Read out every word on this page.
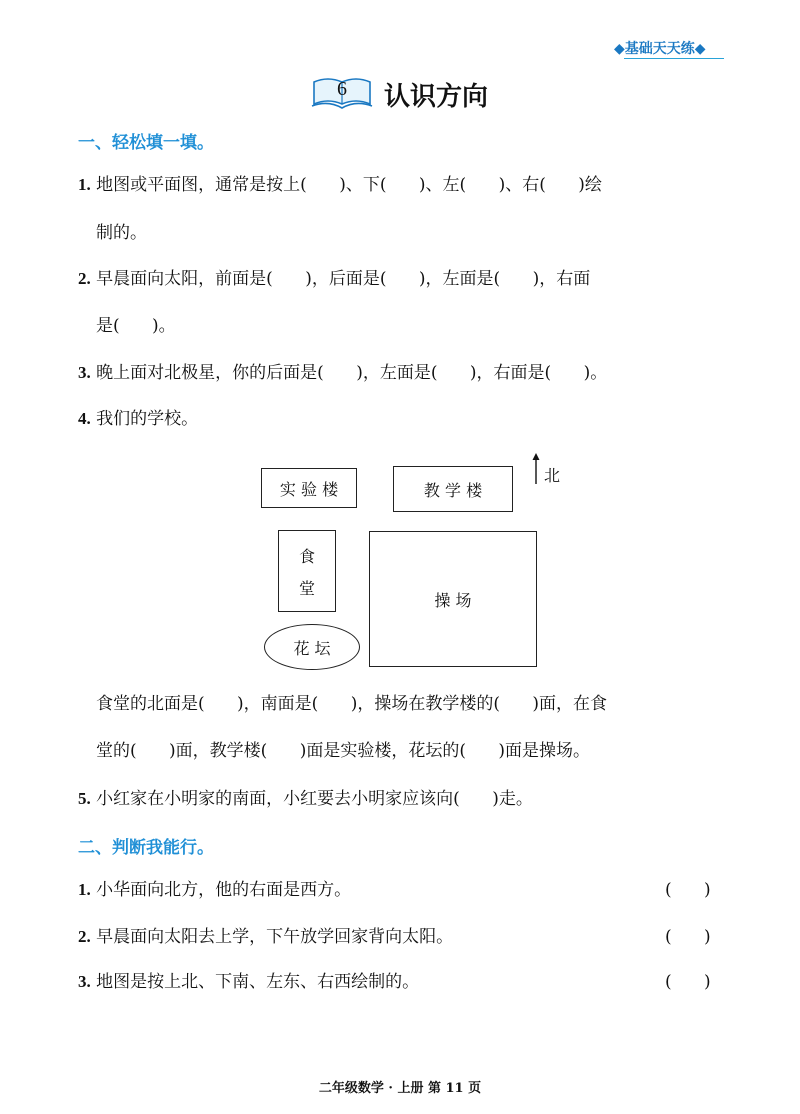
◆基础天天练◆
6 认识方向
一、轻松填一填。
1. 地图或平面图，通常是按上(      )、下(      )、左(      )、右(      )绘
制的。
2. 早晨面向太阳，前面是(      )，后面是(      )，左面是(      )，右面
是(      )。
3. 晚上面对北极星，你的后面是(      )，左面是(      )，右面是(      )。
4. 我们的学校。
实 验 楼	教 学 楼
食
堂
操 场
花 坛
北
食堂的北面是(      )，南面是(      )，操场在教学楼的(      )面，在食
堂的(      )面，教学楼(      )面是实验楼，花坛的(      )面是操场。
5. 小红家在小明家的南面，小红要去小明家应该向(      )走。
二、判断我能行。
1. 小华面向北方，他的右面是西方。	(      )
2. 早晨面向太阳去上学，下午放学回家背向太阳。	(      )
3. 地图是按上北、下南、左东、右西绘制的。	(      )
二年级数学 · 上册 第 11 页
